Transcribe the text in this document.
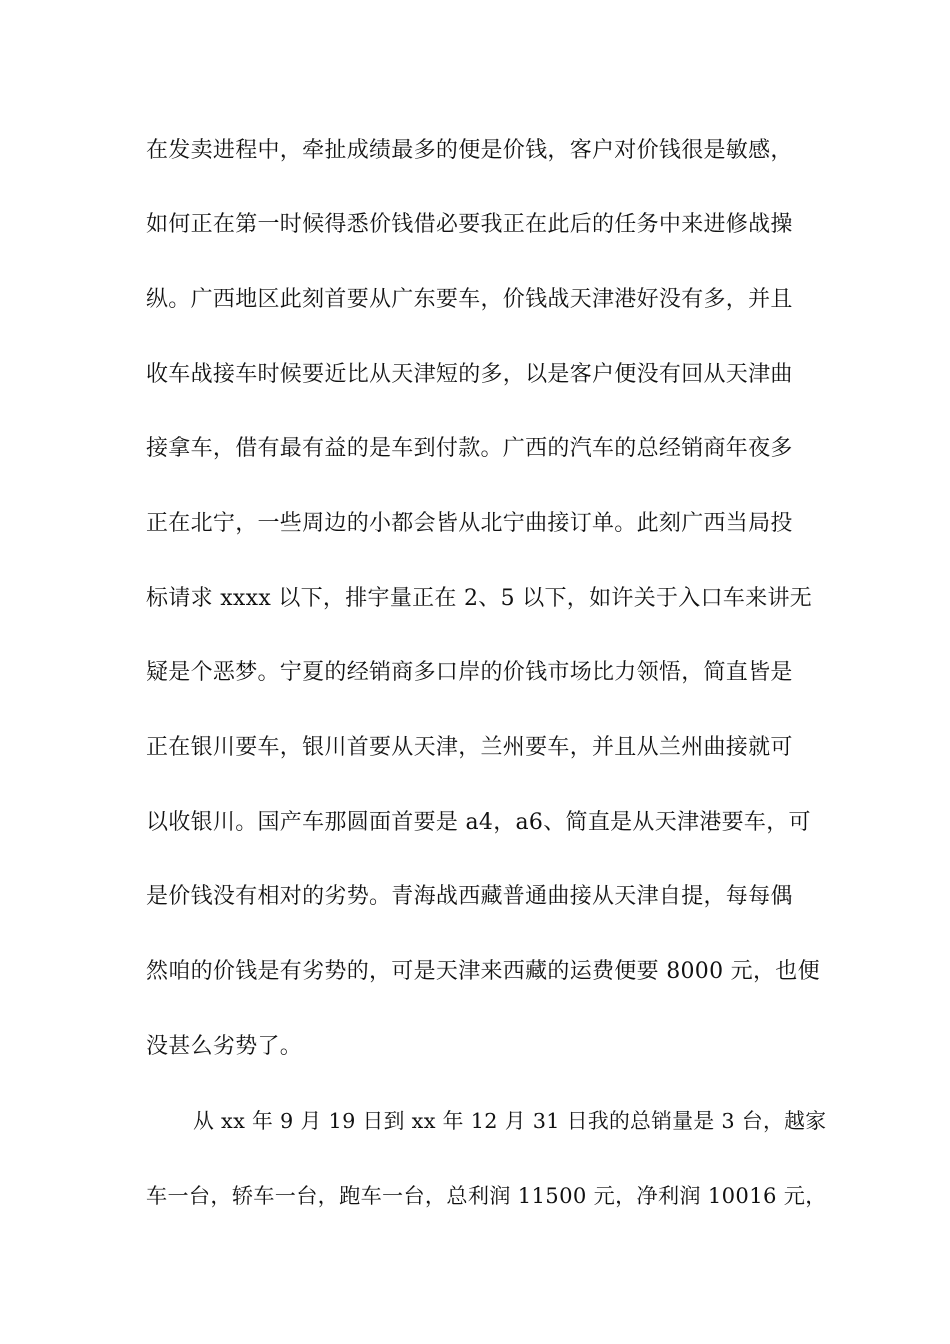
在发卖进程中，牵扯成绩最多的便是价钱，客户对价钱很是敏感，
如何正在第一时候得悉价钱借必要我正在此后的任务中来进修战操
纵。广西地区此刻首要从广东要车，价钱战天津港好没有多，并且
收车战接车时候要近比从天津短的多，以是客户便没有回从天津曲
接拿车，借有最有益的是车到付款。广西的汽车的总经销商年夜多
正在北宁，一些周边的小都会皆从北宁曲接订单。此刻广西当局投
标请求 xxxx 以下，排宇量正在 2、5 以下，如许关于入口车来讲无
疑是个恶梦。宁夏的经销商多口岸的价钱市场比力领悟，简直皆是
正在银川要车，银川首要从天津，兰州要车，并且从兰州曲接就可
以收银川。国产车那圆面首要是 a4，a6、简直是从天津港要车，可
是价钱没有相对的劣势。青海战西藏普通曲接从天津自提，每每偶
然咱的价钱是有劣势的，可是天津来西藏的运费便要 8000 元，也便
没甚么劣势了。
从 xx 年 9 月 19 日到 xx 年 12 月 31 日我的总销量是 3 台，越家
车一台，轿车一台，跑车一台，总利润 11500 元，净利润 10016 元，
